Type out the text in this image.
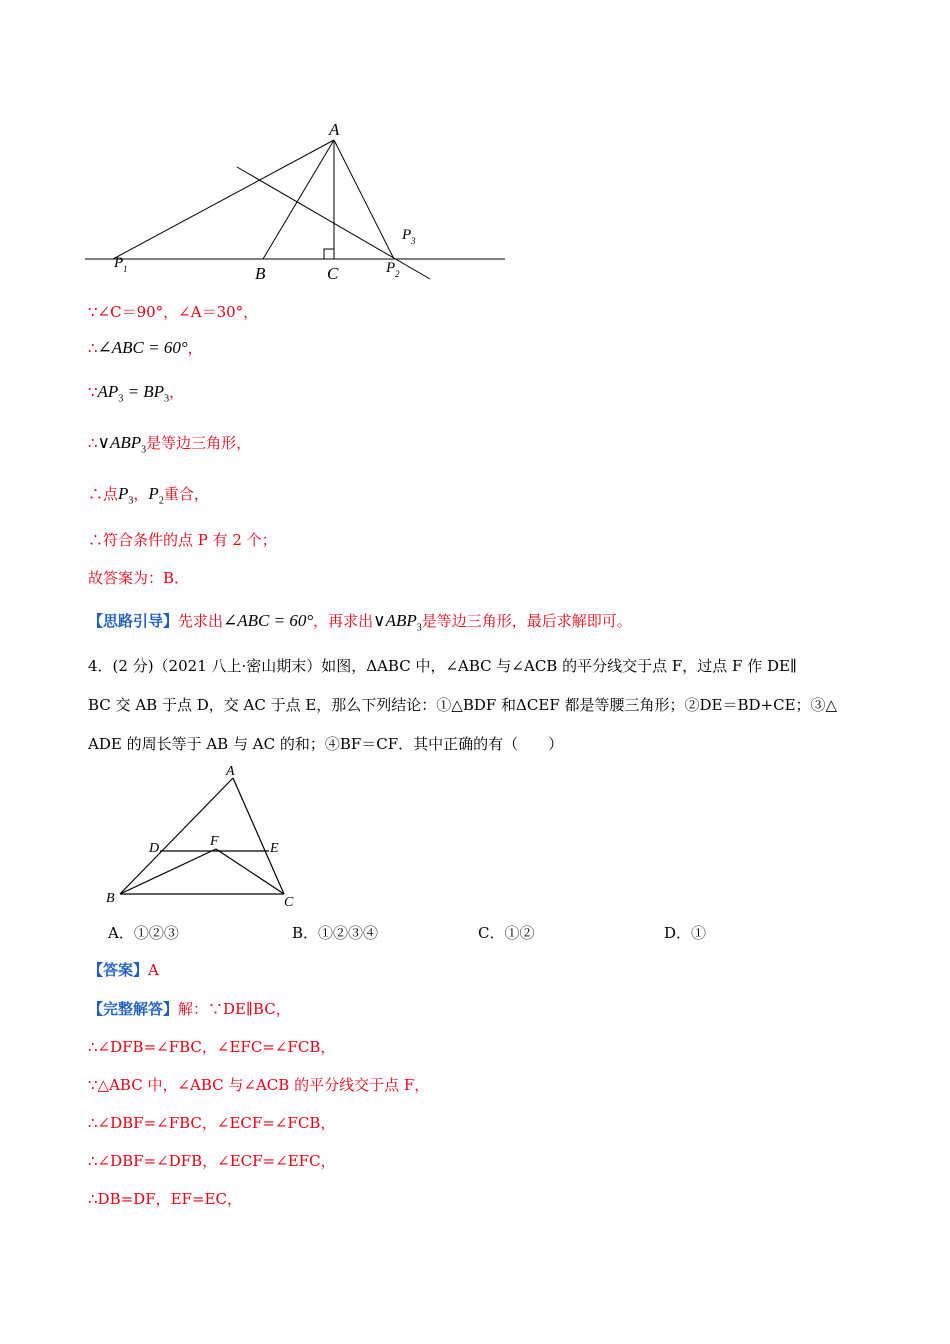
A
B	C
P 1	P 2
P 3
∵∠C＝90°，∠A＝30°，
∴∠ABC = 60°，
$\because AP_3 = BP_3$，
$\therefore\vee ABP_3$是等边三角形，
∴点$P_3$，$P_2$重合，
∴符合条件的点 P 有 2 个；
故答案为：B．
【思路引导】先求出∠ABC = 60°，再求出$\vee ABP_3$是等边三角形，最后求解即可。
4．(2 分)（2021 八上·密山期末）如图，ΔABC 中，∠ABC 与∠ACB 的平分线交于点 F，过点 F 作 DE∥
BC 交 AB 于点 D，交 AC 于点 E，那么下列结论：①△BDF 和ΔCEF 都是等腰三角形；②DE＝BD+CE；③△
ADE 的周长等于 AB 与 AC 的和；④BF＝CF．其中正确的有（　　）
A
B	C
D	E
F
A．①②③	B．①②③④	C．①②	D．①
【答案】A
【完整解答】解：∵DE∥BC，
∴∠DFB=∠FBC，∠EFC=∠FCB，
∵△ABC 中，∠ABC 与∠ACB 的平分线交于点 F，
∴∠DBF=∠FBC，∠ECF=∠FCB，
∴∠DBF=∠DFB，∠ECF=∠EFC，
∴DB=DF，EF=EC，
